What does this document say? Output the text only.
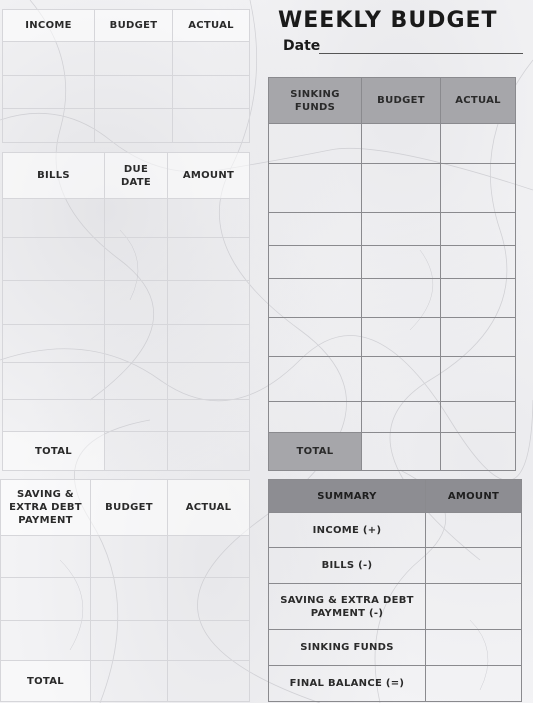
INCOME	BUDGET	ACTUAL

BILLS	DUE DATE	AMOUNT

TOTAL		
SAVING & EXTRA DEBT PAYMENT	BUDGET	ACTUAL

TOTAL		
WEEKLY BUDGET
Date
SINKING FUNDS	BUDGET	ACTUAL

TOTAL		
SUMMARY	AMOUNT
INCOME (+)	
BILLS (-)	
SAVING & EXTRA DEBT PAYMENT (-)	
SINKING FUNDS	
FINAL BALANCE (=)	
